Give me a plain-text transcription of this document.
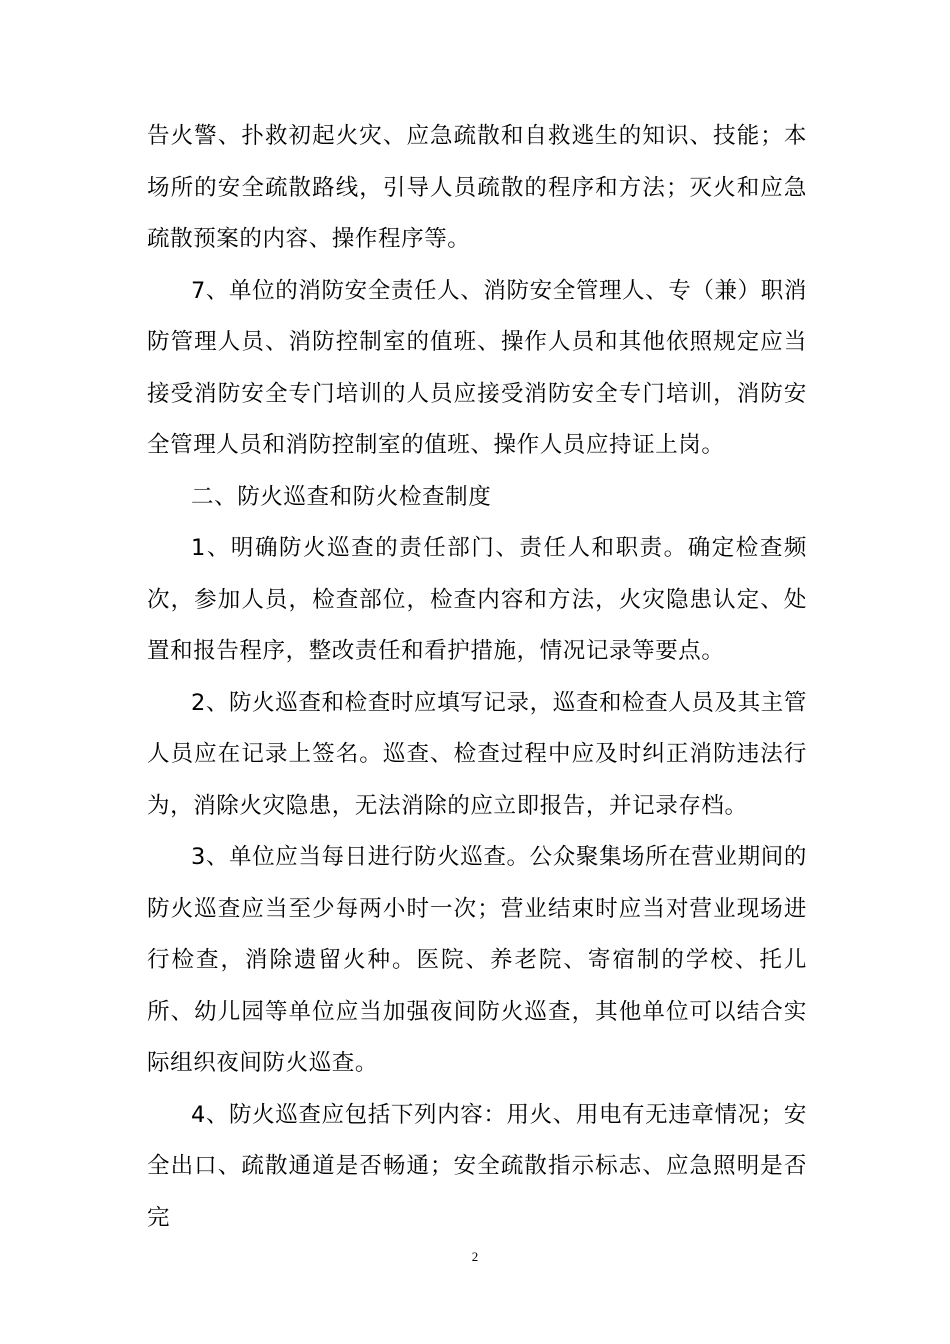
告火警、扑救初起火灾、应急疏散和自救逃生的知识、技能；本场所的安全疏散路线，引导人员疏散的程序和方法；灭火和应急疏散预案的内容、操作程序等。

7、单位的消防安全责任人、消防安全管理人、专（兼）职消防管理人员、消防控制室的值班、操作人员和其他依照规定应当接受消防安全专门培训的人员应接受消防安全专门培训，消防安全管理人员和消防控制室的值班、操作人员应持证上岗。

二、防火巡查和防火检查制度

1、明确防火巡查的责任部门、责任人和职责。确定检查频次，参加人员，检查部位，检查内容和方法，火灾隐患认定、处置和报告程序，整改责任和看护措施，情况记录等要点。

2、防火巡查和检查时应填写记录，巡查和检查人员及其主管人员应在记录上签名。巡查、检查过程中应及时纠正消防违法行为，消除火灾隐患，无法消除的应立即报告，并记录存档。

3、单位应当每日进行防火巡查。公众聚集场所在营业期间的防火巡查应当至少每两小时一次；营业结束时应当对营业现场进行检查，消除遗留火种。医院、养老院、寄宿制的学校、托儿所、幼儿园等单位应当加强夜间防火巡查，其他单位可以结合实际组织夜间防火巡查。

4、防火巡查应包括下列内容：用火、用电有无违章情况；安全出口、疏散通道是否畅通；安全疏散指示标志、应急照明是否完

2
